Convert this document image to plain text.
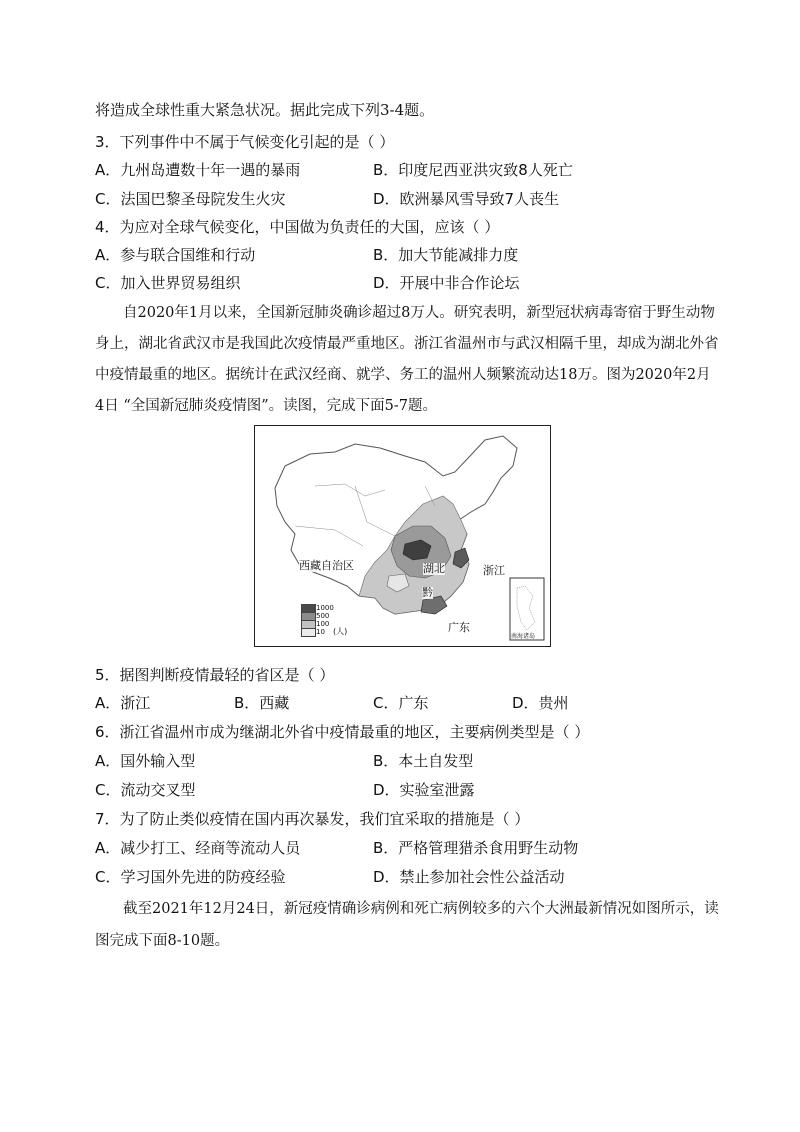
将造成全球性重大紧急状况。据此完成下列3-4题。
3．下列事件中不属于气候变化引起的是（ ）
A．九州岛遭数十年一遇的暴雨	B．印度尼西亚洪灾致8人死亡
C．法国巴黎圣母院发生火灾	D．欧洲暴风雪导致7人丧生
4．为应对全球气候变化，中国做为负责任的大国，应该（ ）
A．参与联合国维和行动	B．加大节能减排力度
C．加入世界贸易组织	D．开展中非合作论坛
自2020年1月以来，全国新冠肺炎确诊超过8万人。研究表明，新型冠状病毒寄宿于野生动物
身上，湖北省武汉市是我国此次疫情最严重地区。浙江省温州市与武汉相隔千里，却成为湖北外省
中疫情最重的地区。据统计在武汉经商、就学、务工的温州人频繁流动达18万。图为2020年2月
4日 “全国新冠肺炎疫情图”。读图，完成下面5-7题。
西藏自治区	湖北	浙江
黔
广东
南海诸岛
1000
500
100
10 (人)
5．据图判断疫情最轻的省区是（ ）
A．浙江	B．西藏	C．广东	D．贵州
6．浙江省温州市成为继湖北外省中疫情最重的地区，主要病例类型是（ ）
A．国外输入型	B．本土自发型
C．流动交叉型	D．实验室泄露
7．为了防止类似疫情在国内再次暴发，我们宜采取的措施是（ ）
A．减少打工、经商等流动人员	B．严格管理猎杀食用野生动物
C．学习国外先进的防疫经验	D．禁止参加社会性公益活动
截至2021年12月24日，新冠疫情确诊病例和死亡病例较多的六个大洲最新情况如图所示，读
图完成下面8-10题。
